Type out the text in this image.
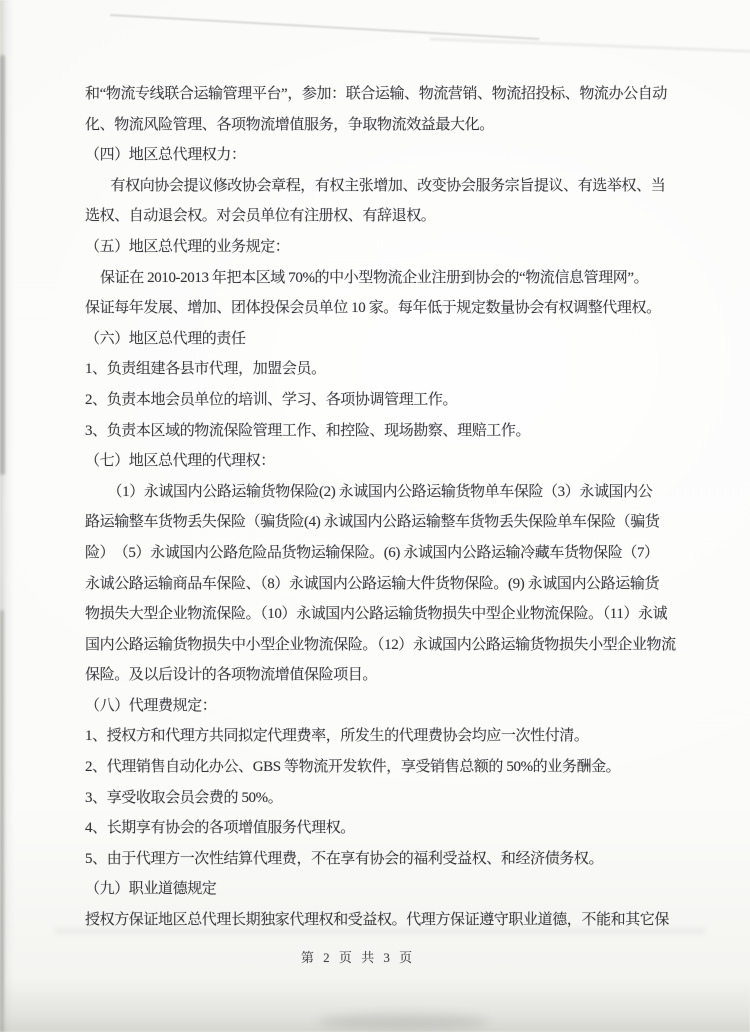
和“物流专线联合运输管理平台”，参加：联合运输、物流营销、物流招投标、物流办公自动
化、物流风险管理、各项物流增值服务，争取物流效益最大化。
（四）地区总代理权力：
有权向协会提议修改协会章程，有权主张增加、改变协会服务宗旨提议、有选举权、当
选权、自动退会权。对会员单位有注册权、有辞退权。
（五）地区总代理的业务规定：
保证在 2010-2013 年把本区域 70%的中小型物流企业注册到协会的“物流信息管理网”。
保证每年发展、增加、团体投保会员单位 10 家。每年低于规定数量协会有权调整代理权。
（六）地区总代理的责任
1、负责组建各县市代理，加盟会员。
2、负责本地会员单位的培训、学习、各项协调管理工作。
3、负责本区域的物流保险管理工作、和控险、现场勘察、理赔工作。
（七）地区总代理的代理权：
（1）永诚国内公路运输货物保险(2) 永诚国内公路运输货物单车保险（3）永诚国内公
路运输整车货物丢失保险（骗货险(4) 永诚国内公路运输整车货物丢失保险单车保险（骗货
险）　（5）永诚国内公路危险品货物运输保险。(6) 永诚国内公路运输冷藏车货物保险（7）
永诚公路运输商品车保险、（8）永诚国内公路运输大件货物保险。(9) 永诚国内公路运输货
物损失大型企业物流保险。（10）永诚国内公路运输货物损失中型企业物流保险。（11）永诚
国内公路运输货物损失中小型企业物流保险。（12）永诚国内公路运输货物损失小型企业物流
保险。及以后设计的各项物流增值保险项目。
（八）代理费规定：
1、授权方和代理方共同拟定代理费率，所发生的代理费协会均应一次性付清。
2、代理销售自动化办公、GBS 等物流开发软件，享受销售总额的 50%的业务酬金。
3、享受收取会员会费的 50%。
4、长期享有协会的各项增值服务代理权。
5、由于代理方一次性结算代理费，不在享有协会的福利受益权、和经济债务权。
（九）职业道德规定
授权方保证地区总代理长期独家代理权和受益权。代理方保证遵守职业道德，不能和其它保
第 2 页 共 3 页
